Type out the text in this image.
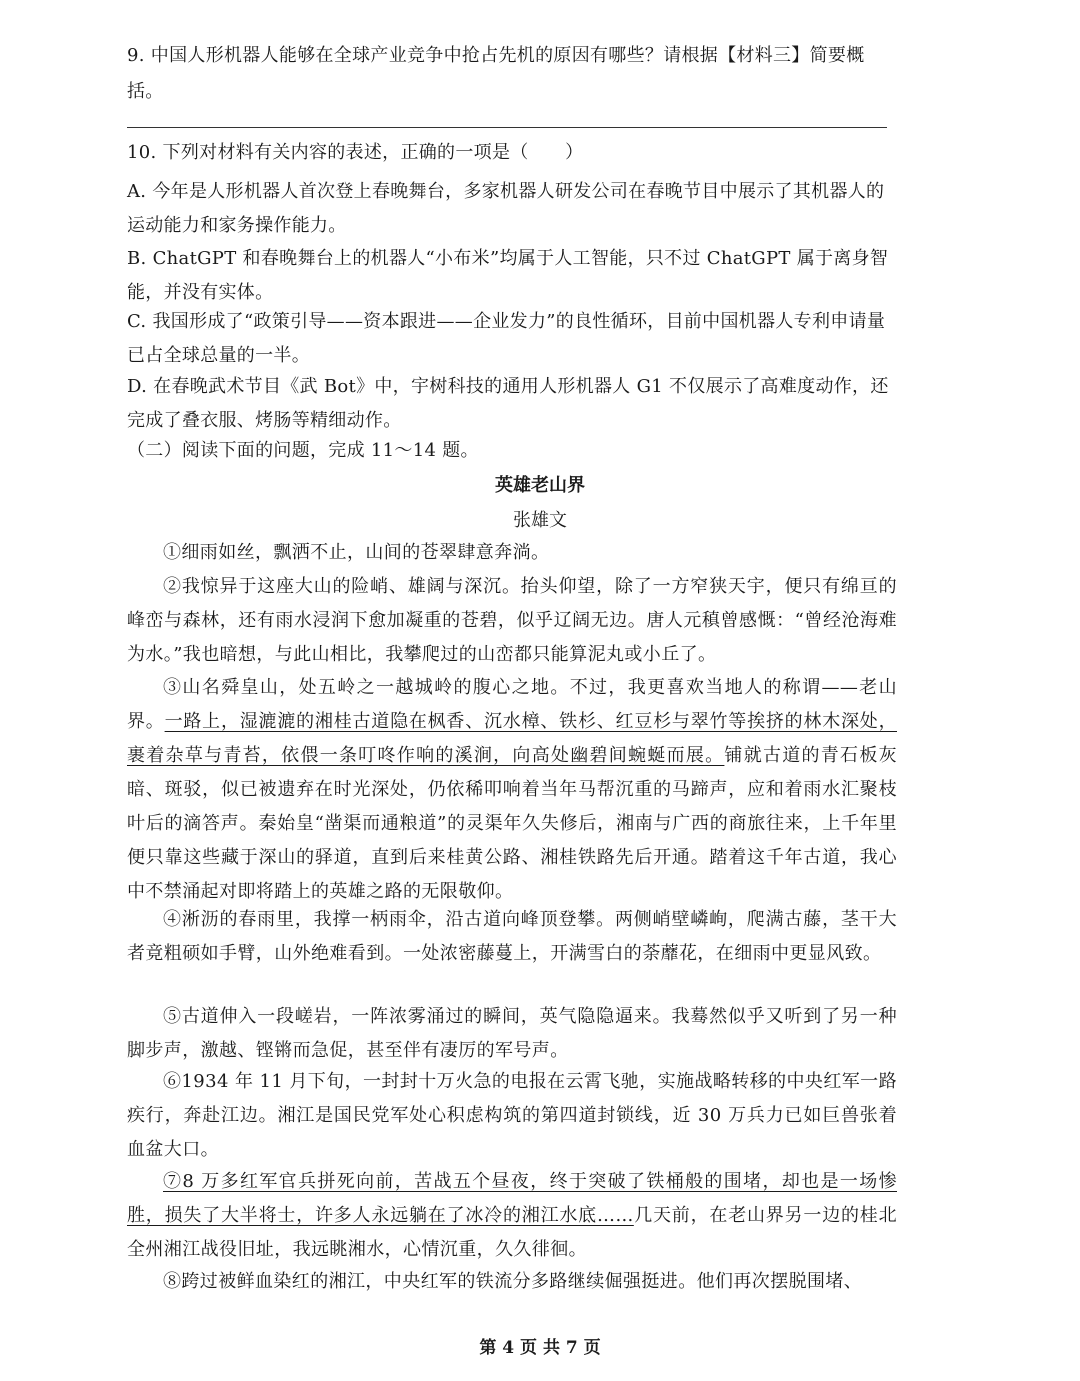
9. 中国人形机器人能够在全球产业竞争中抢占先机的原因有哪些？请根据【材料三】简要概括。
10. 下列对材料有关内容的表述，正确的一项是（　　）
A. 今年是人形机器人首次登上春晚舞台，多家机器人研发公司在春晚节目中展示了其机器人的运动能力和家务操作能力。
B. ChatGPT 和春晚舞台上的机器人“小布米”均属于人工智能，只不过 ChatGPT 属于离身智能，并没有实体。
C. 我国形成了“政策引导——资本跟进——企业发力”的良性循环，目前中国机器人专利申请量已占全球总量的一半。
D. 在春晚武术节目《武 Bot》中，宇树科技的通用人形机器人 G1 不仅展示了高难度动作，还完成了叠衣服、烤肠等精细动作。
（二）阅读下面的问题，完成 11～14 题。
英雄老山界
张雄文
①细雨如丝，飘洒不止，山间的苍翠肆意奔淌。
②我惊异于这座大山的险峭、雄阔与深沉。抬头仰望，除了一方窄狭天宇，便只有绵亘的峰峦与森林，还有雨水浸润下愈加凝重的苍碧，似乎辽阔无边。唐人元稹曾感慨：“曾经沧海难为水。”我也暗想，与此山相比，我攀爬过的山峦都只能算泥丸或小丘了。
③山名舜皇山，处五岭之一越城岭的腹心之地。不过，我更喜欢当地人的称谓——老山界。一路上，湿漉漉的湘桂古道隐在枫香、沉水樟、铁杉、红豆杉与翠竹等挨挤的林木深处，裹着杂草与青苔，依偎一条叮咚作响的溪涧，向高处幽碧间蜿蜒而展。铺就古道的青石板灰暗、斑驳，似已被遗弃在时光深处，仍依稀叩响着当年马帮沉重的马蹄声，应和着雨水汇聚枝叶后的滴答声。秦始皇“凿渠而通粮道”的灵渠年久失修后，湘南与广西的商旅往来，上千年里便只靠这些藏于深山的驿道，直到后来桂黄公路、湘桂铁路先后开通。踏着这千年古道，我心中不禁涌起对即将踏上的英雄之路的无限敬仰。
④淅沥的春雨里，我撑一柄雨伞，沿古道向峰顶登攀。两侧峭壁嶙峋，爬满古藤，茎干大者竟粗硕如手臂，山外绝难看到。一处浓密藤蔓上，开满雪白的荼蘼花，在细雨中更显风致。
⑤古道伸入一段嵯岩，一阵浓雾涌过的瞬间，英气隐隐逼来。我蓦然似乎又听到了另一种脚步声，激越、铿锵而急促，甚至伴有凄厉的军号声。
⑥1934 年 11 月下旬，一封封十万火急的电报在云霄飞驰，实施战略转移的中央红军一路疾行，奔赴江边。湘江是国民党军处心积虑构筑的第四道封锁线，近 30 万兵力已如巨兽张着血盆大口。
⑦8 万多红军官兵拼死向前，苦战五个昼夜，终于突破了铁桶般的围堵，却也是一场惨胜，损失了大半将士，许多人永远躺在了冰冷的湘江水底……几天前，在老山界另一边的桂北全州湘江战役旧址，我远眺湘水，心情沉重，久久徘徊。
⑧跨过被鲜血染红的湘江，中央红军的铁流分多路继续倔强挺进。他们再次摆脱围堵、
第 4 页 共 7 页
